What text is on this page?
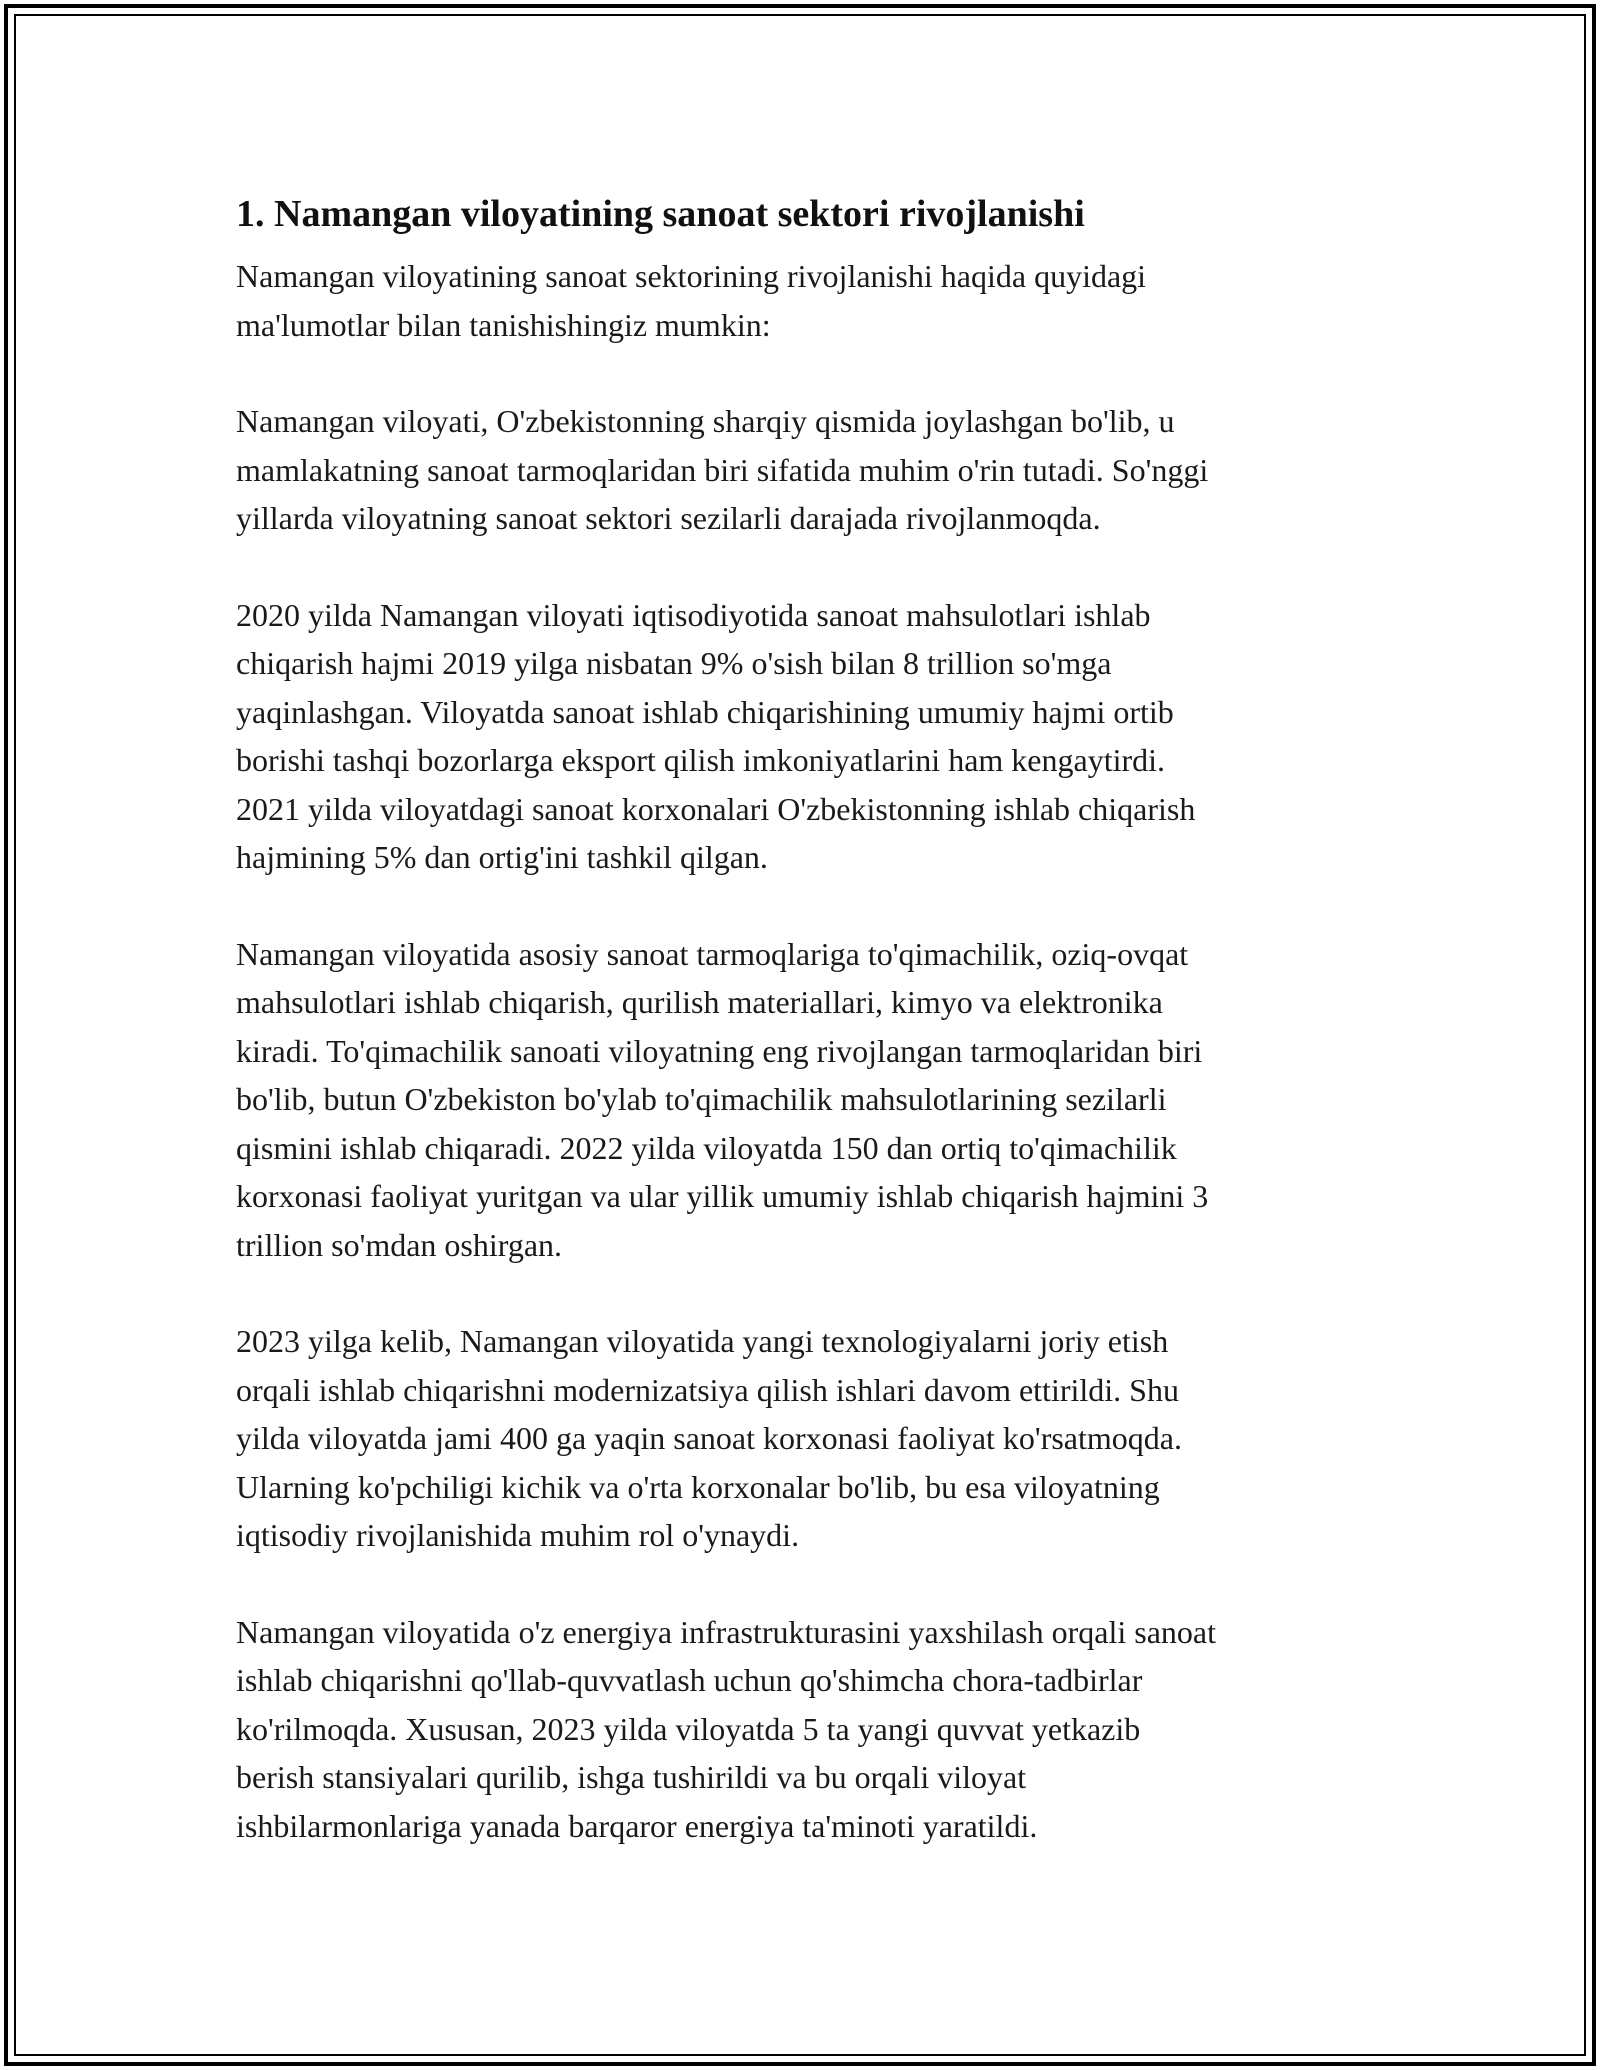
1. Namangan viloyatining sanoat sektori rivojlanishi

Namangan viloyatining sanoat sektorining rivojlanishi haqida quyidagi
ma'lumotlar bilan tanishishingiz mumkin:

Namangan viloyati, O'zbekistonning sharqiy qismida joylashgan bo'lib, u
mamlakatning sanoat tarmoqlaridan biri sifatida muhim o'rin tutadi. So'nggi
yillarda viloyatning sanoat sektori sezilarli darajada rivojlanmoqda.

2020 yilda Namangan viloyati iqtisodiyotida sanoat mahsulotlari ishlab
chiqarish hajmi 2019 yilga nisbatan 9% o'sish bilan 8 trillion so'mga
yaqinlashgan. Viloyatda sanoat ishlab chiqarishining umumiy hajmi ortib
borishi tashqi bozorlarga eksport qilish imkoniyatlarini ham kengaytirdi.
2021 yilda viloyatdagi sanoat korxonalari O'zbekistonning ishlab chiqarish
hajmining 5% dan ortig'ini tashkil qilgan.

Namangan viloyatida asosiy sanoat tarmoqlariga to'qimachilik, oziq-ovqat
mahsulotlari ishlab chiqarish, qurilish materiallari, kimyo va elektronika
kiradi. To'qimachilik sanoati viloyatning eng rivojlangan tarmoqlaridan biri
bo'lib, butun O'zbekiston bo'ylab to'qimachilik mahsulotlarining sezilarli
qismini ishlab chiqaradi. 2022 yilda viloyatda 150 dan ortiq to'qimachilik
korxonasi faoliyat yuritgan va ular yillik umumiy ishlab chiqarish hajmini 3
trillion so'mdan oshirgan.

2023 yilga kelib, Namangan viloyatida yangi texnologiyalarni joriy etish
orqali ishlab chiqarishni modernizatsiya qilish ishlari davom ettirildi. Shu
yilda viloyatda jami 400 ga yaqin sanoat korxonasi faoliyat ko'rsatmoqda.
Ularning ko'pchiligi kichik va o'rta korxonalar bo'lib, bu esa viloyatning
iqtisodiy rivojlanishida muhim rol o'ynaydi.

Namangan viloyatida o'z energiya infrastrukturasini yaxshilash orqali sanoat
ishlab chiqarishni qo'llab-quvvatlash uchun qo'shimcha chora-tadbirlar
ko'rilmoqda. Xususan, 2023 yilda viloyatda 5 ta yangi quvvat yetkazib
berish stansiyalari qurilib, ishga tushirildi va bu orqali viloyat
ishbilarmonlariga yanada barqaror energiya ta'minoti yaratildi.
